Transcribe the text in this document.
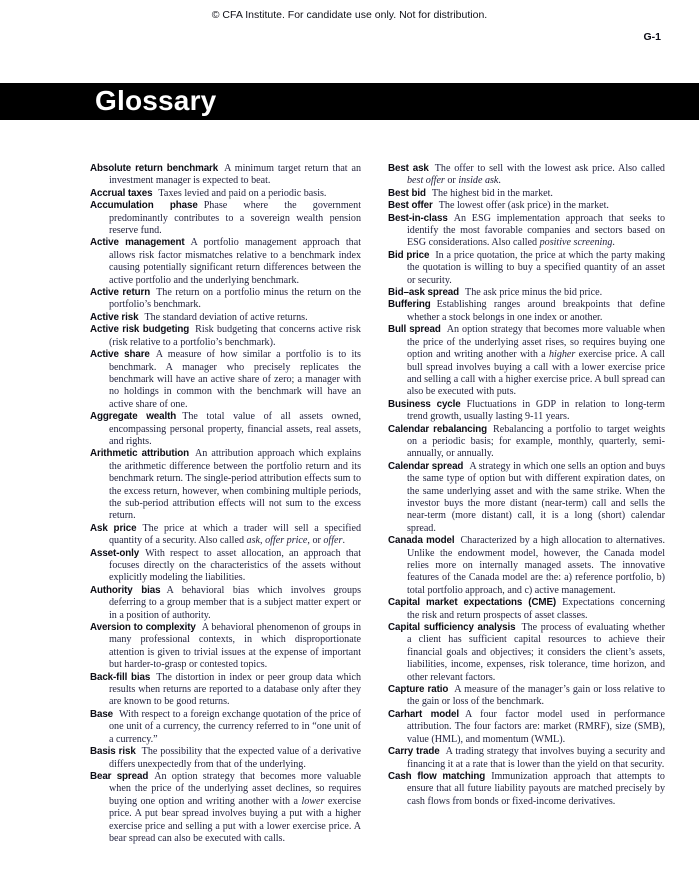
© CFA Institute. For candidate use only. Not for distribution.
G-1
Glossary

Absolute return benchmark A minimum target return that an investment manager is expected to beat.

Accrual taxes Taxes levied and paid on a periodic basis.

Accumulation phase Phase where the government predominantly contributes to a sovereign wealth pension reserve fund.

Active management A portfolio management approach that allows risk factor mismatches relative to a benchmark index causing potentially significant return differences between the active portfolio and the underlying benchmark.

Active return The return on a portfolio minus the return on the portfolio’s benchmark.

Active risk The standard deviation of active returns.

Active risk budgeting Risk budgeting that concerns active risk (risk relative to a portfolio’s benchmark).

Active share A measure of how similar a portfolio is to its benchmark. A manager who precisely replicates the benchmark will have an active share of zero; a manager with no holdings in common with the benchmark will have an active share of one.

Aggregate wealth The total value of all assets owned, encompassing personal property, financial assets, real assets, and rights.

Arithmetic attribution An attribution approach which explains the arithmetic difference between the portfolio return and its benchmark return. The single-period attribution effects sum to the excess return, however, when combining multiple periods, the sub-period attribution effects will not sum to the excess return.

Ask price The price at which a trader will sell a specified quantity of a security. Also called ask, offer price, or offer.

Asset-only With respect to asset allocation, an approach that focuses directly on the characteristics of the assets without explicitly modeling the liabilities.

Authority bias A behavioral bias which involves groups deferring to a group member that is a subject matter expert or in a position of authority.

Aversion to complexity A behavioral phenomenon of groups in many professional contexts, in which disproportionate attention is given to trivial issues at the expense of important but harder-to-grasp or contested topics.

Back-fill bias The distortion in index or peer group data which results when returns are reported to a database only after they are known to be good returns.

Base With respect to a foreign exchange quotation of the price of one unit of a currency, the currency referred to in “one unit of a currency.”

Basis risk The possibility that the expected value of a derivative differs unexpectedly from that of the underlying.

Bear spread An option strategy that becomes more valuable when the price of the underlying asset declines, so requires buying one option and writing another with a lower exercise price. A put bear spread involves buying a put with a higher exercise price and selling a put with a lower exercise price. A bear spread can also be executed with calls.

Best ask The offer to sell with the lowest ask price. Also called best offer or inside ask.

Best bid The highest bid in the market.

Best offer The lowest offer (ask price) in the market.

Best-in-class An ESG implementation approach that seeks to identify the most favorable companies and sectors based on ESG considerations. Also called positive screening.

Bid price In a price quotation, the price at which the party making the quotation is willing to buy a specified quantity of an asset or security.

Bid–ask spread The ask price minus the bid price.

Buffering Establishing ranges around breakpoints that define whether a stock belongs in one index or another.

Bull spread An option strategy that becomes more valuable when the price of the underlying asset rises, so requires buying one option and writing another with a higher exercise price. A call bull spread involves buying a call with a lower exercise price and selling a call with a higher exercise price. A bull spread can also be executed with puts.

Business cycle Fluctuations in GDP in relation to long-term trend growth, usually lasting 9-11 years.

Calendar rebalancing Rebalancing a portfolio to target weights on a periodic basis; for example, monthly, quarterly, semi-annually, or annually.

Calendar spread A strategy in which one sells an option and buys the same type of option but with different expiration dates, on the same underlying asset and with the same strike. When the investor buys the more distant (near-term) call and sells the near-term (more distant) call, it is a long (short) calendar spread.

Canada model Characterized by a high allocation to alternatives. Unlike the endowment model, however, the Canada model relies more on internally managed assets. The innovative features of the Canada model are the: a) reference portfolio, b) total portfolio approach, and c) active management.

Capital market expectations (CME) Expectations concerning the risk and return prospects of asset classes.

Capital sufficiency analysis The process of evaluating whether a client has sufficient capital resources to achieve their financial goals and objectives; it considers the client’s assets, liabilities, income, expenses, risk tolerance, time horizon, and other relevant factors.

Capture ratio A measure of the manager’s gain or loss relative to the gain or loss of the benchmark.

Carhart model A four factor model used in performance attribution. The four factors are: market (RMRF), size (SMB), value (HML), and momentum (WML).

Carry trade A trading strategy that involves buying a security and financing it at a rate that is lower than the yield on that security.

Cash flow matching Immunization approach that attempts to ensure that all future liability payouts are matched precisely by cash flows from bonds or fixed-income derivatives.
